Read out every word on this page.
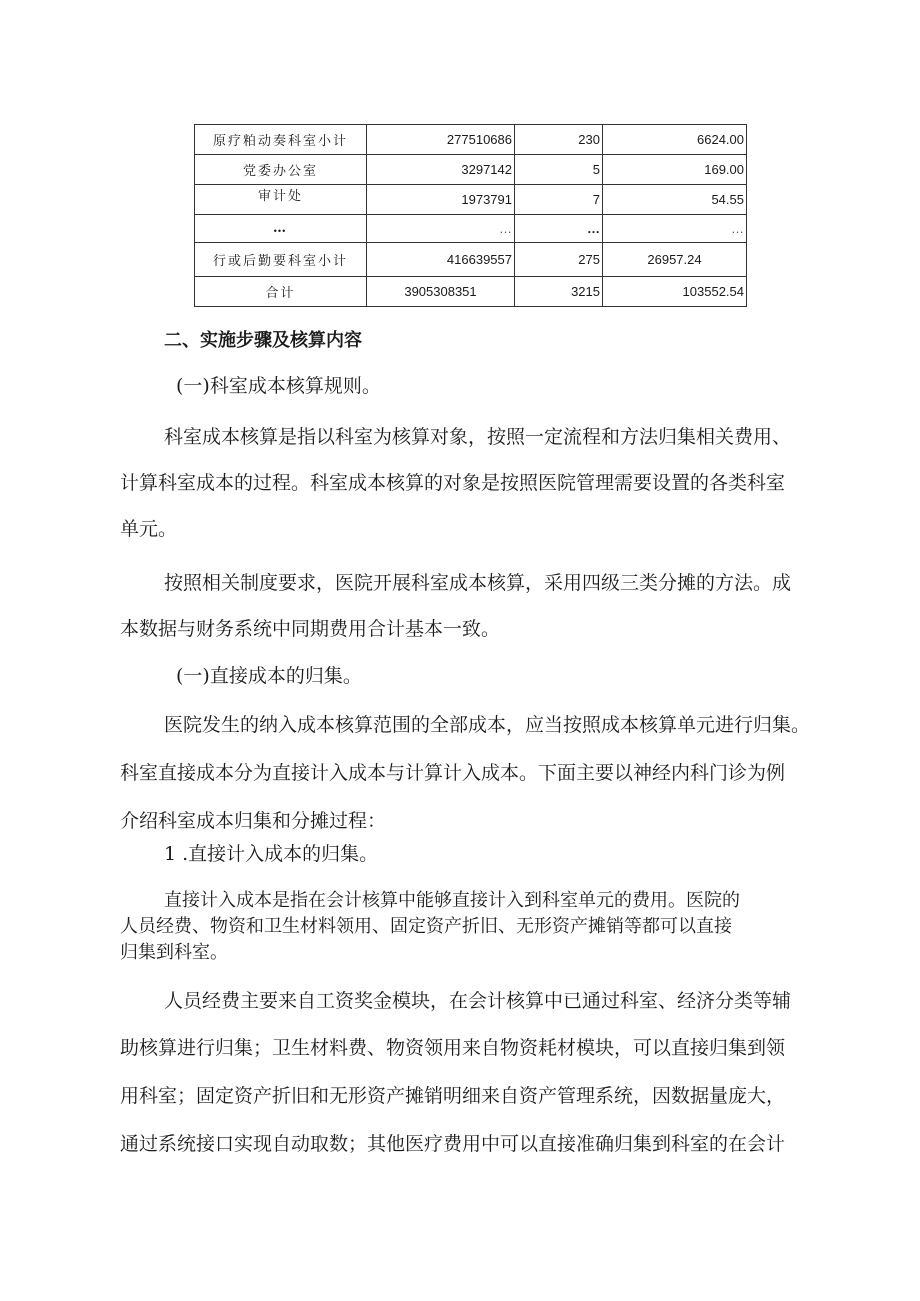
原疗粕动奏科室小计	277510686	230	6624.00
党委办公室	3297142	5	169.00
审计处	1973791	7	54.55
…	…	…	…
行或后勤要科室小计	416639557	275	26957.24
合计	3905308351	3215	103552.54
二、实施步骤及核算内容
(一)科室成本核算规则。
科室成本核算是指以科室为核算对象，按照一定流程和方法归集相关费用、
计算科室成本的过程。科室成本核算的对象是按照医院管理需要设置的各类科室
单元。
按照相关制度要求，医院开展科室成本核算，采用四级三类分摊的方法。成
本数据与财务系统中同期费用合计基本一致。
(一)直接成本的归集。
医院发生的纳入成本核算范围的全部成本，应当按照成本核算单元进行归集。
科室直接成本分为直接计入成本与计算计入成本。下面主要以神经内科门诊为例
介绍科室成本归集和分摊过程：
1 .直接计入成本的归集。
直接计入成本是指在会计核算中能够直接计入到科室单元的费用。医院的
人员经费、物资和卫生材料领用、固定资产折旧、无形资产摊销等都可以直接
归集到科室。
人员经费主要来自工资奖金模块，在会计核算中已通过科室、经济分类等辅
助核算进行归集；卫生材料费、物资领用来自物资耗材模块，可以直接归集到领
用科室；固定资产折旧和无形资产摊销明细来自资产管理系统，因数据量庞大，
通过系统接口实现自动取数；其他医疗费用中可以直接准确归集到科室的在会计
